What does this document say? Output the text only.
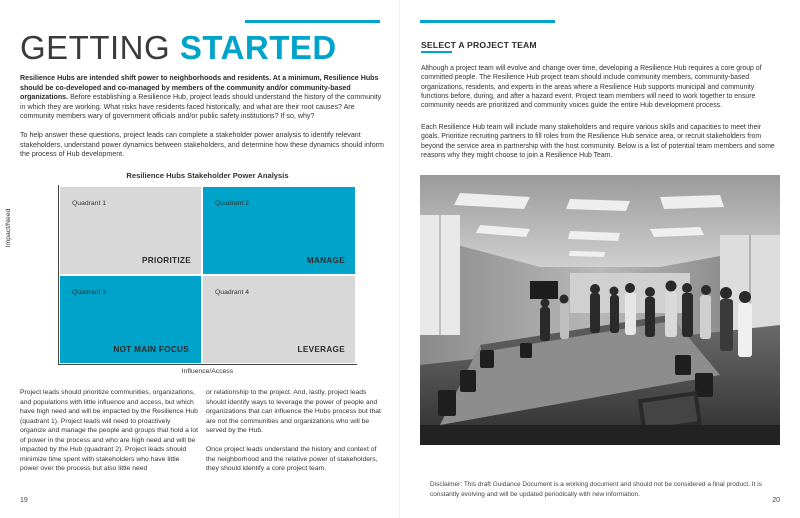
GETTING STARTED

Resilience Hubs are intended shift power to neighborhoods and residents. At a minimum, Resilience Hubs should be co-developed and co-managed by members of the community and/or community-based organizations. Before establishing a Resilience Hub, project leads should understand the history of the community in which they are working. What risks have residents faced historically, and what are their root causes? Are community members wary of government officials and/or public safety institutions? If so, why?

To help answer these questions, project leads can complete a stakeholder power analysis to identify relevant stakeholders, understand power dynamics between stakeholders, and determine how these dynamics should inform the process of Hub development.

Resilience Hubs Stakeholder Power Analysis
Quadrant 1
PRIORITIZE
Quadrant 2
MANAGE
Quadrant 3
NOT MAIN FOCUS
Quadrant 4
LEVERAGE
Impact/Need
Influence/Access

Project leads should prioritize communities, organizations, and populations with little influence and access, but which have high need and will be impacted by the Resilience Hub (quadrant 1). Project leads will need to proactively organize and manage the people and groups that hold a lot of power in the process and who are high need and will be impacted by the Hub (quadrant 2). Project leads should minimize time spent with stakeholders who have little power over the process but also little need

or relationship to the project. And, lastly, project leads should identify ways to leverage the power of people and organizations that can influence the Hubs process but that are not the communities and organizations who will be served by the Hub.

Once project leads understand the history and context of the neighborhood and the relative power of stakeholders, they should identify a core project team.

19
SELECT A PROJECT TEAM

Although a project team will evolve and change over time, developing a Resilience Hub requires a core group of committed people. The Resilience Hub project team should include community members, community-based organizations, residents, and experts in the areas where a Resilience Hub supports municipal and community functions before, during, and after a hazard event. Project team members will need to work together to ensure community needs are prioritized and community voices guide the entire Hub development process.

Each Resilience Hub team will include many stakeholders and require various skills and capacities to meet their goals. Prioritize recruiting partners to fill roles from the Resilience Hub service area, or recruit stakeholders from beyond the service area in partnership with the host community. Below is a list of potential team members and some reasons why they might choose to join a Resilience Hub Team.

Disclaimer: This draft Guidance Document is a working document and should not be considered a final product. It is constantly evolving and will be updated periodically with new information.

20
